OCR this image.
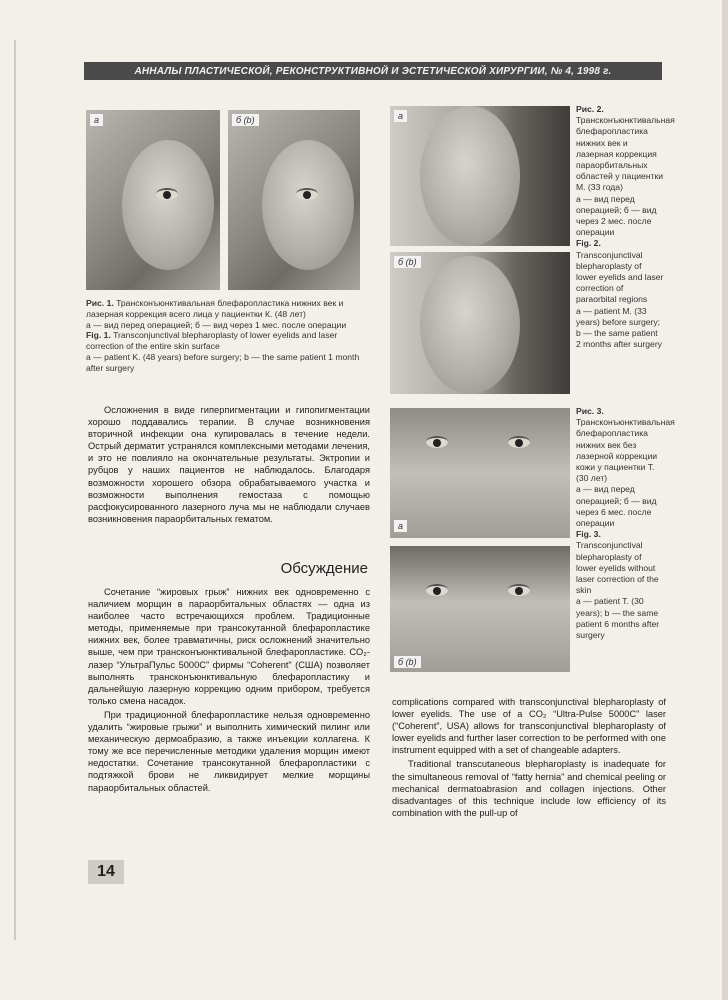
АННАЛЫ ПЛАСТИЧЕСКОЙ, РЕКОНСТРУКТИВНОЙ И ЭСТЕТИЧЕСКОЙ ХИРУРГИИ, № 4, 1998 г.
а	б (b)
Рис. 1. Трансконъюнктивальная блефаропластика нижних век и лазерная коррекция всего лица у пациентки К. (48 лет)
а — вид перед операцией; б — вид через 1 мес. после операции
Fig. 1. Transconjunctival blepharoplasty of lower eyelids and laser correction of the entire skin surface
a — patient K. (48 years) before surgery; b — the same patient 1 month after surgery
а
б (b)
Рис. 2. Трансконъюнктивальная блефаропластика нижних век и лазерная коррекция параорбитальных областей у пациентки М. (33 года)
а — вид перед операцией; б — вид через 2 мес. после операции
Fig. 2. Transconjunctival blepharoplasty of lower eyelids and laser correction of paraorbital regions
a — patient M. (33 years) before surgery; b — the same patient 2 months after surgery
а
б (b)
Рис. 3. Трансконъюнктивальная блефаропластика нижних век без лазерной коррекции кожи у пациентки Т. (30 лет)
а — вид перед операцией; б — вид через 6 мес. после операции
Fig. 3. Transconjunctival blepharoplasty of lower eyelids without laser correction of the skin
a — patient T. (30 years); b — the same patient 6 months after surgery

Осложнения в виде гиперпигментации и гипопигментации хорошо поддавались терапии. В случае возникновения вторичной инфекции она купировалась в течение недели. Острый дерматит устранялся комплексными методами лечения, и это не повлияло на окончательные результаты. Эктропии и рубцов у наших пациентов не наблюдалось. Благодаря возможности хорошего обзора обрабатываемого участка и возможности выполнения гемостаза с помощью расфокусированного лазерного луча мы не наблюдали случаев возникновения параорбитальных гематом.

Обсуждение

Сочетание “жировых грыж” нижних век одновременно с наличием морщин в параорбитальных областях — одна из наиболее часто встречающихся проблем. Традиционные методы, применяемые при трансокутанной блефаропластике нижних век, более травматичны, риск осложнений значительно выше, чем при трансконъюнктивальной блефаропластике. CO₂-лазер “УльтраПульс 5000С” фирмы “Coherent” (США) позволяет выполнять трансконъюнктивальную блефаропластику и дальнейшую лазерную коррекцию одним прибором, требуется только смена насадок.

При традиционной блефаропластике нельзя одновременно удалить “жировые грыжи” и выполнить химический пилинг или механическую дермоабразию, а также инъекции коллагена. К тому же все перечисленные методики удаления морщин имеют недостатки. Сочетание трансокутанной блефаропластики с подтяжкой брови не ликвидирует мелкие морщины параорбитальных областей.

complications compared with transconjunctival blepharoplasty of lower eyelids. The use of a CO₂ “Ultra-Pulse 5000C” laser (“Coherent”, USA) allows for transconjunctival blepharoplasty of lower eyelids and further laser correction to be performed with one instrument equipped with a set of changeable adapters.

Traditional transcutaneous blepharoplasty is inadequate for the simultaneous removal of “fatty hernia” and chemical peeling or mechanical dermatoabrasion and collagen injections. Other disadvantages of this technique include low efficiency of its combination with the pull-up of

14
